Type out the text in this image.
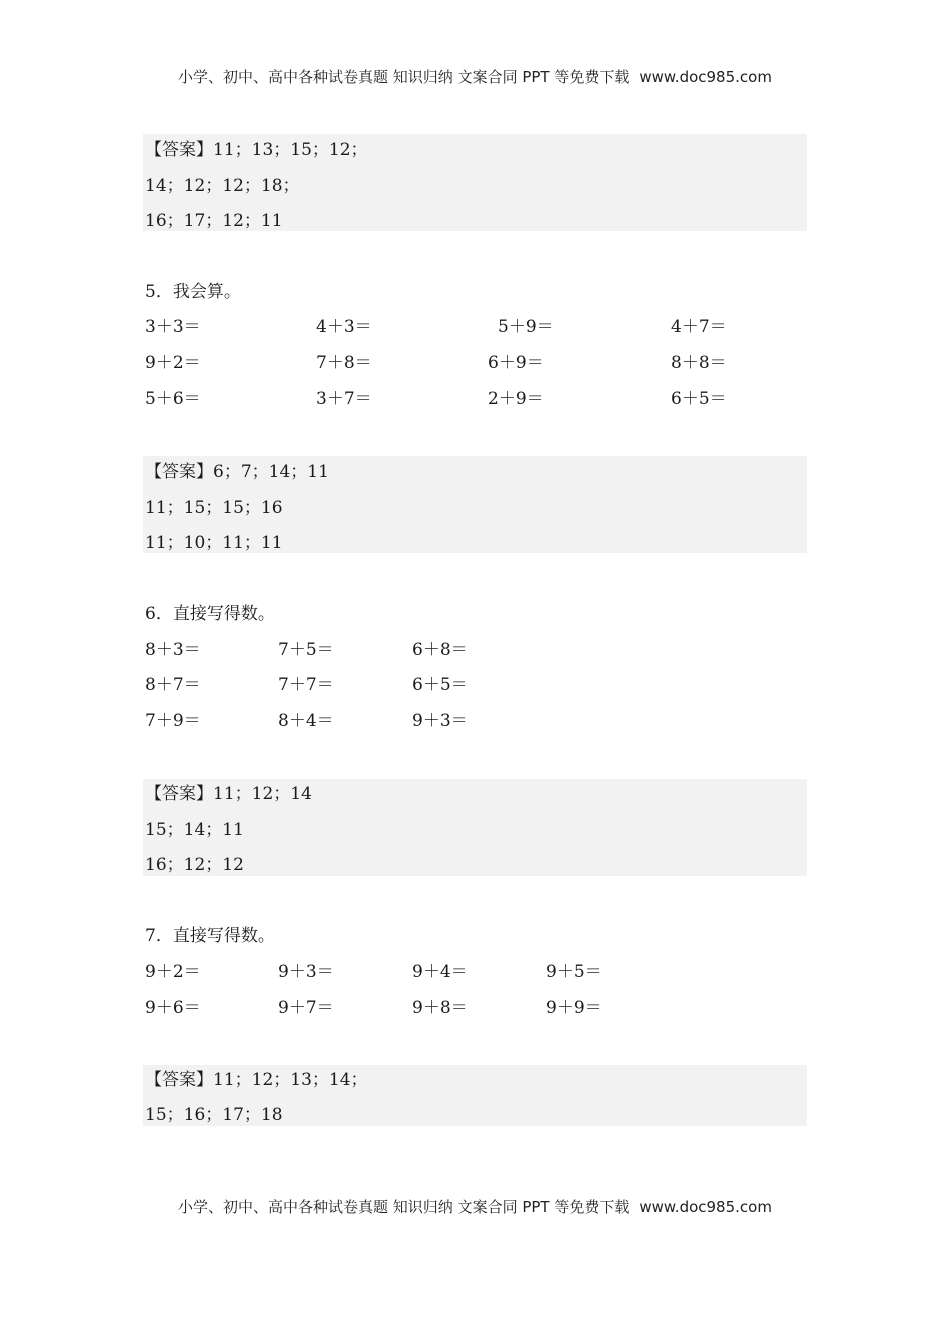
小学、初中、高中各种试卷真题 知识归纳 文案合同 PPT 等免费下载 www.doc985.com
【答案】11；13；15；12；
14；12；12；18；
16；17；12；11
5．我会算。
3＋3＝	4＋3＝	5＋9＝	4＋7＝
9＋2＝	7＋8＝	6＋9＝	8＋8＝
5＋6＝	3＋7＝	2＋9＝	6＋5＝
【答案】6；7；14；11
11；15；15；16
11；10；11；11
6．直接写得数。
8＋3＝	7＋5＝	6＋8＝
8＋7＝	7＋7＝	6＋5＝
7＋9＝	8＋4＝	9＋3＝
【答案】11；12；14
15；14；11
16；12；12
7．直接写得数。
9＋2＝	9＋3＝	9＋4＝	9＋5＝
9＋6＝	9＋7＝	9＋8＝	9＋9＝
【答案】11；12；13；14；
15；16；17；18
小学、初中、高中各种试卷真题 知识归纳 文案合同 PPT 等免费下载 www.doc985.com
